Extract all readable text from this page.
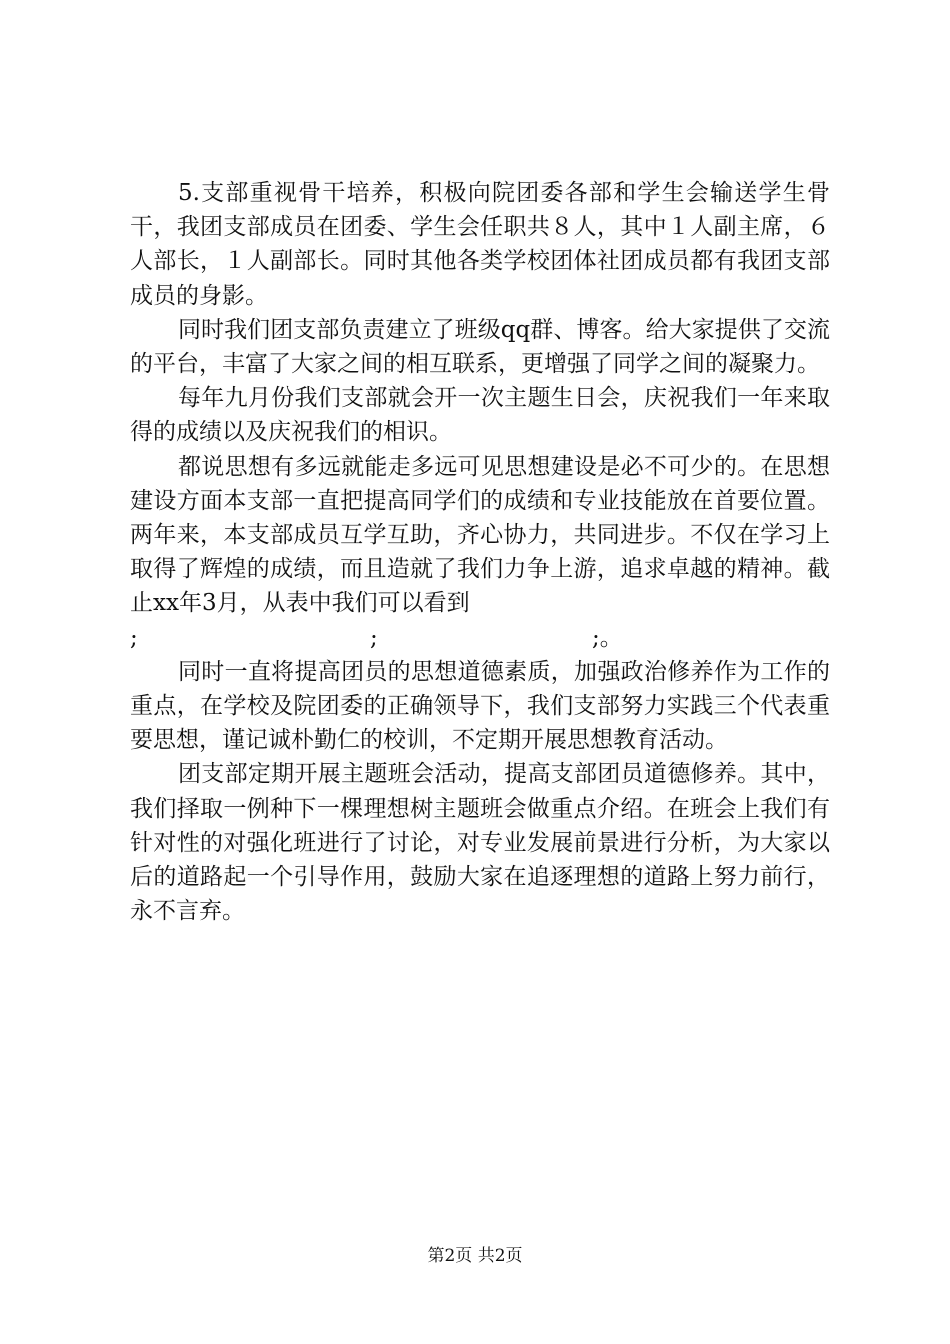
5.支部重视骨干培养，积极向院团委各部和学生会输送学生骨干，我团支部成员在团委、学生会任职共８人，其中１人副主席，６人部长，１人副部长。同时其他各类学校团体社团成员都有我团支部成员的身影。

同时我们团支部负责建立了班级qq群、博客。给大家提供了交流的平台，丰富了大家之间的相互联系，更增强了同学之间的凝聚力。

每年九月份我们支部就会开一次主题生日会，庆祝我们一年来取得的成绩以及庆祝我们的相识。

都说思想有多远就能走多远可见思想建设是必不可少的。在思想建设方面本支部一直把提高同学们的成绩和专业技能放在首要位置。两年来，本支部成员互学互助，齐心协力，共同进步。不仅在学习上取得了辉煌的成绩，而且造就了我们力争上游，追求卓越的精神。截止xx年3月，从表中我们可以看到

;	;	;。

同时一直将提高团员的思想道德素质，加强政治修养作为工作的重点，在学校及院团委的正确领导下，我们支部努力实践三个代表重要思想，谨记诚朴勤仁的校训，不定期开展思想教育活动。

团支部定期开展主题班会活动，提高支部团员道德修养。其中，我们择取一例种下一棵理想树主题班会做重点介绍。在班会上我们有针对性的对强化班进行了讨论，对专业发展前景进行分析，为大家以后的道路起一个引导作用，鼓励大家在追逐理想的道路上努力前行，永不言弃。

第2页 共2页
